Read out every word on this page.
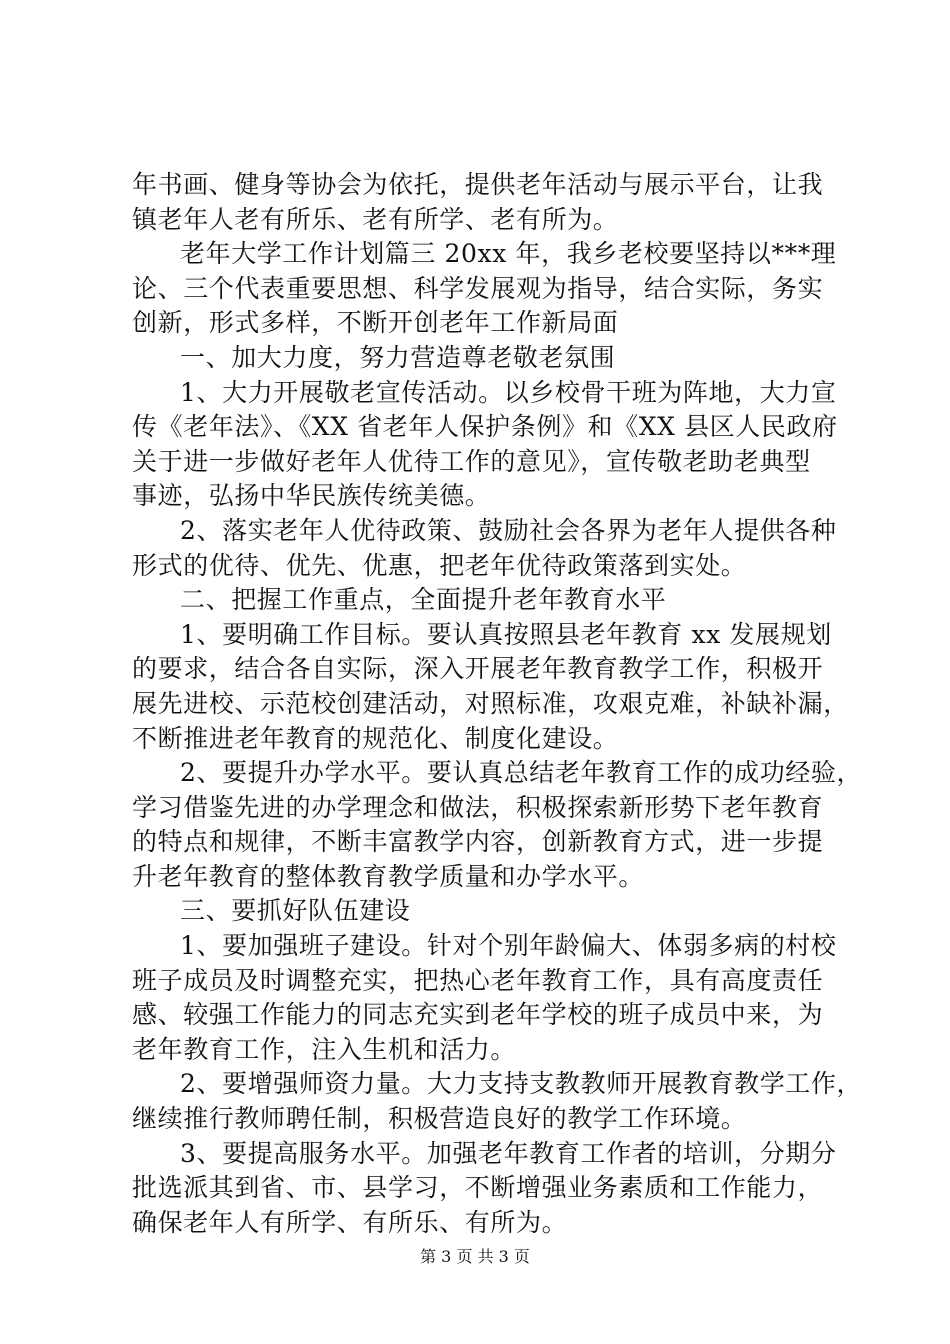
年书画、健身等协会为依托，提供老年活动与展示平台，让我
镇老年人老有所乐、老有所学、老有所为。
老年大学工作计划篇三 20xx 年，我乡老校要坚持以***理
论、三个代表重要思想、科学发展观为指导，结合实际，务实
创新，形式多样，不断开创老年工作新局面
一、加大力度，努力营造尊老敬老氛围
1、大力开展敬老宣传活动。以乡校骨干班为阵地，大力宣
传《老年法》、《XX 省老年人保护条例》和《XX 县区人民政府
关于进一步做好老年人优待工作的意见》，宣传敬老助老典型
事迹，弘扬中华民族传统美德。
2、落实老年人优待政策、鼓励社会各界为老年人提供各种
形式的优待、优先、优惠，把老年优待政策落到实处。
二、把握工作重点，全面提升老年教育水平
1、要明确工作目标。要认真按照县老年教育 xx 发展规划
的要求，结合各自实际，深入开展老年教育教学工作，积极开
展先进校、示范校创建活动，对照标准，攻艰克难，补缺补漏，
不断推进老年教育的规范化、制度化建设。
2、要提升办学水平。要认真总结老年教育工作的成功经验，
学习借鉴先进的办学理念和做法，积极探索新形势下老年教育
的特点和规律，不断丰富教学内容，创新教育方式，进一步提
升老年教育的整体教育教学质量和办学水平。
三、要抓好队伍建设
1、要加强班子建设。针对个别年龄偏大、体弱多病的村校
班子成员及时调整充实，把热心老年教育工作，具有高度责任
感、较强工作能力的同志充实到老年学校的班子成员中来，为
老年教育工作，注入生机和活力。
2、要增强师资力量。大力支持支教教师开展教育教学工作，
继续推行教师聘任制，积极营造良好的教学工作环境。
3、要提高服务水平。加强老年教育工作者的培训，分期分
批选派其到省、市、县学习，不断增强业务素质和工作能力，
确保老年人有所学、有所乐、有所为。
第 3 页 共 3 页
